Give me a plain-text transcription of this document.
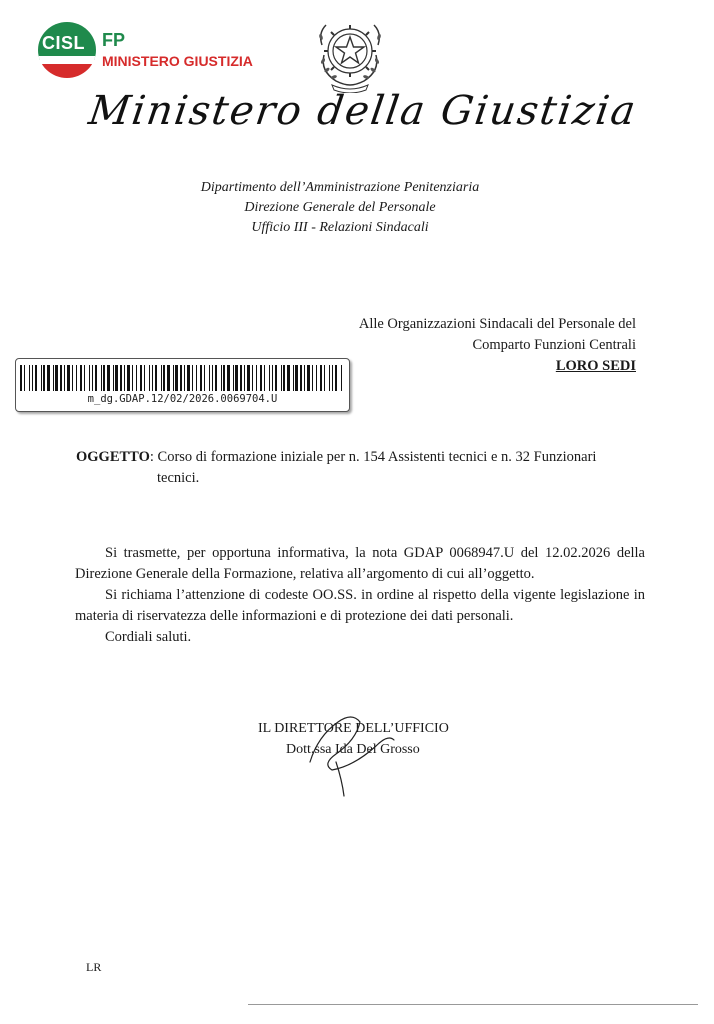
CISL FP
MINISTERO GIUSTIZIA
Ministero della Giustizia
Dipartimento dell’Amministrazione Penitenziaria
Direzione Generale del Personale
Ufficio III - Relazioni Sindacali
Alle Organizzazioni Sindacali del Personale del
Comparto Funzioni Centrali
LORO SEDI
m_dg.GDAP.12/02/2026.0069704.U
OGGETTO: Corso di formazione iniziale per n. 154 Assistenti tecnici e n. 32 Funzionari
tecnici.

Si trasmette, per opportuna informativa, la nota GDAP 0068947.U del 12.02.2026 della Direzione Generale della Formazione, relativa all’argomento di cui all’oggetto.

Si richiama l’attenzione di codeste OO.SS. in ordine al rispetto della vigente legislazione in materia di riservatezza delle informazioni e di protezione dei dati personali.

Cordiali saluti.

IL DIRETTORE DELL’UFFICIO
Dott.ssa Ida Del Grosso
LR
